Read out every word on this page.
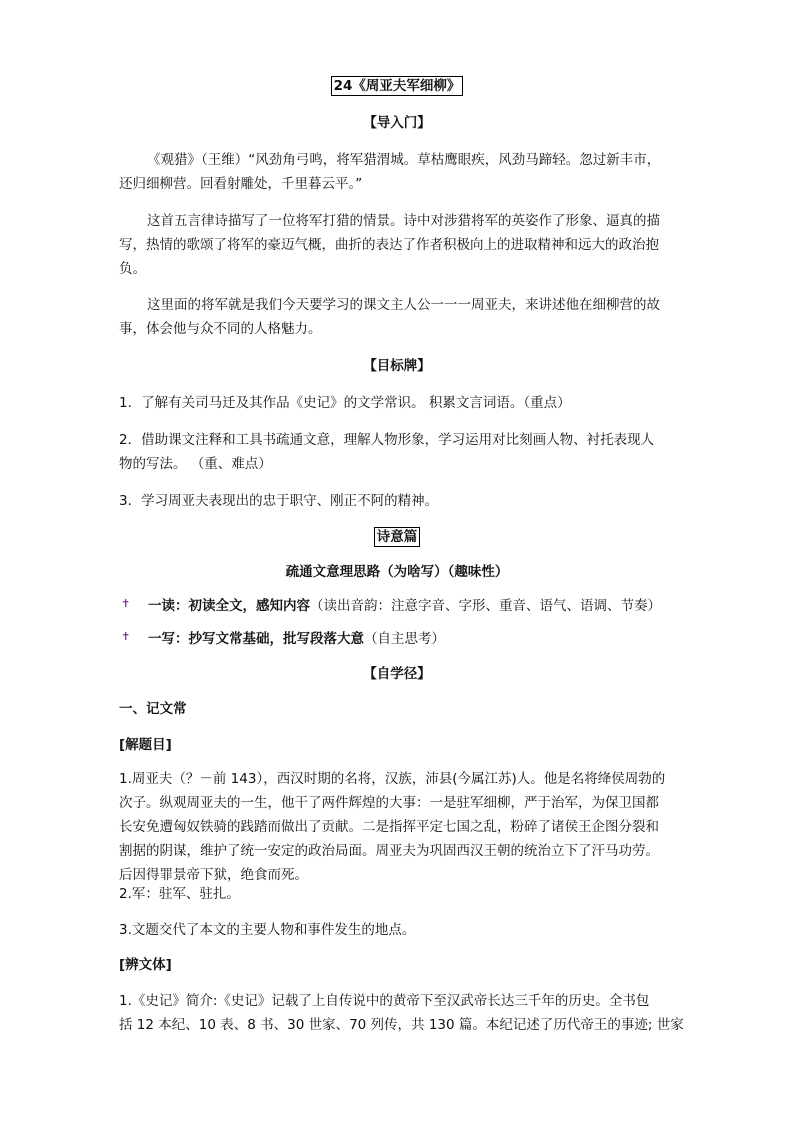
24《周亚夫军细柳》
【导入门】
《观猎》（王维）“风劲角弓鸣，将军猎渭城。草枯鹰眼疾，风劲马蹄轻。忽过新丰市，
还归细柳营。回看射雕处，千里暮云平。”
这首五言律诗描写了一位将军打猎的情景。诗中对涉猎将军的英姿作了形象、逼真的描
写，热情的歌颂了将军的豪迈气概，曲折的表达了作者积极向上的进取精神和远大的政治抱
负。
这里面的将军就是我们今天要学习的课文主人公一一一周亚夫，来讲述他在细柳营的故
事，体会他与众不同的人格魅力。
【目标牌】
1．了解有关司马迁及其作品《史记》的文学常识。 积累文言词语。（重点）
2．借助课文注释和工具书疏通文意，理解人物形象，学习运用对比刻画人物、衬托表现人
物的写法。 （重、难点）
3．学习周亚夫表现出的忠于职守、刚正不阿的精神。
诗意篇
疏通文意理思路（为啥写）（趣味性）
✝ 一读：初读全文，感知内容（读出音韵：注意字音、字形、重音、语气、语调、节奏）
✝ 一写：抄写文常基础，批写段落大意（自主思考）
【自学径】
一、记文常
[解题目]
1.周亚夫（？－前 143），西汉时期的名将，汉族，沛县(今属江苏)人。他是名将绛侯周勃的
次子。纵观周亚夫的一生，他干了两件辉煌的大事：一是驻军细柳，严于治军，为保卫国都
长安免遭匈奴铁骑的践踏而做出了贡献。二是指挥平定七国之乱，粉碎了诸侯王企图分裂和
割据的阴谋，维护了统一安定的政治局面。周亚夫为巩固西汉王朝的统治立下了汗马功劳。
后因得罪景帝下狱，绝食而死。
2.军：驻军、驻扎。
3.文题交代了本文的主要人物和事件发生的地点。
[辨文体]
1.《史记》简介:《史记》记载了上自传说中的黄帝下至汉武帝长达三千年的历史。全书包
括 12 本纪、10 表、8 书、30 世家、70 列传，共 130 篇。本纪记述了历代帝王的事迹; 世家
